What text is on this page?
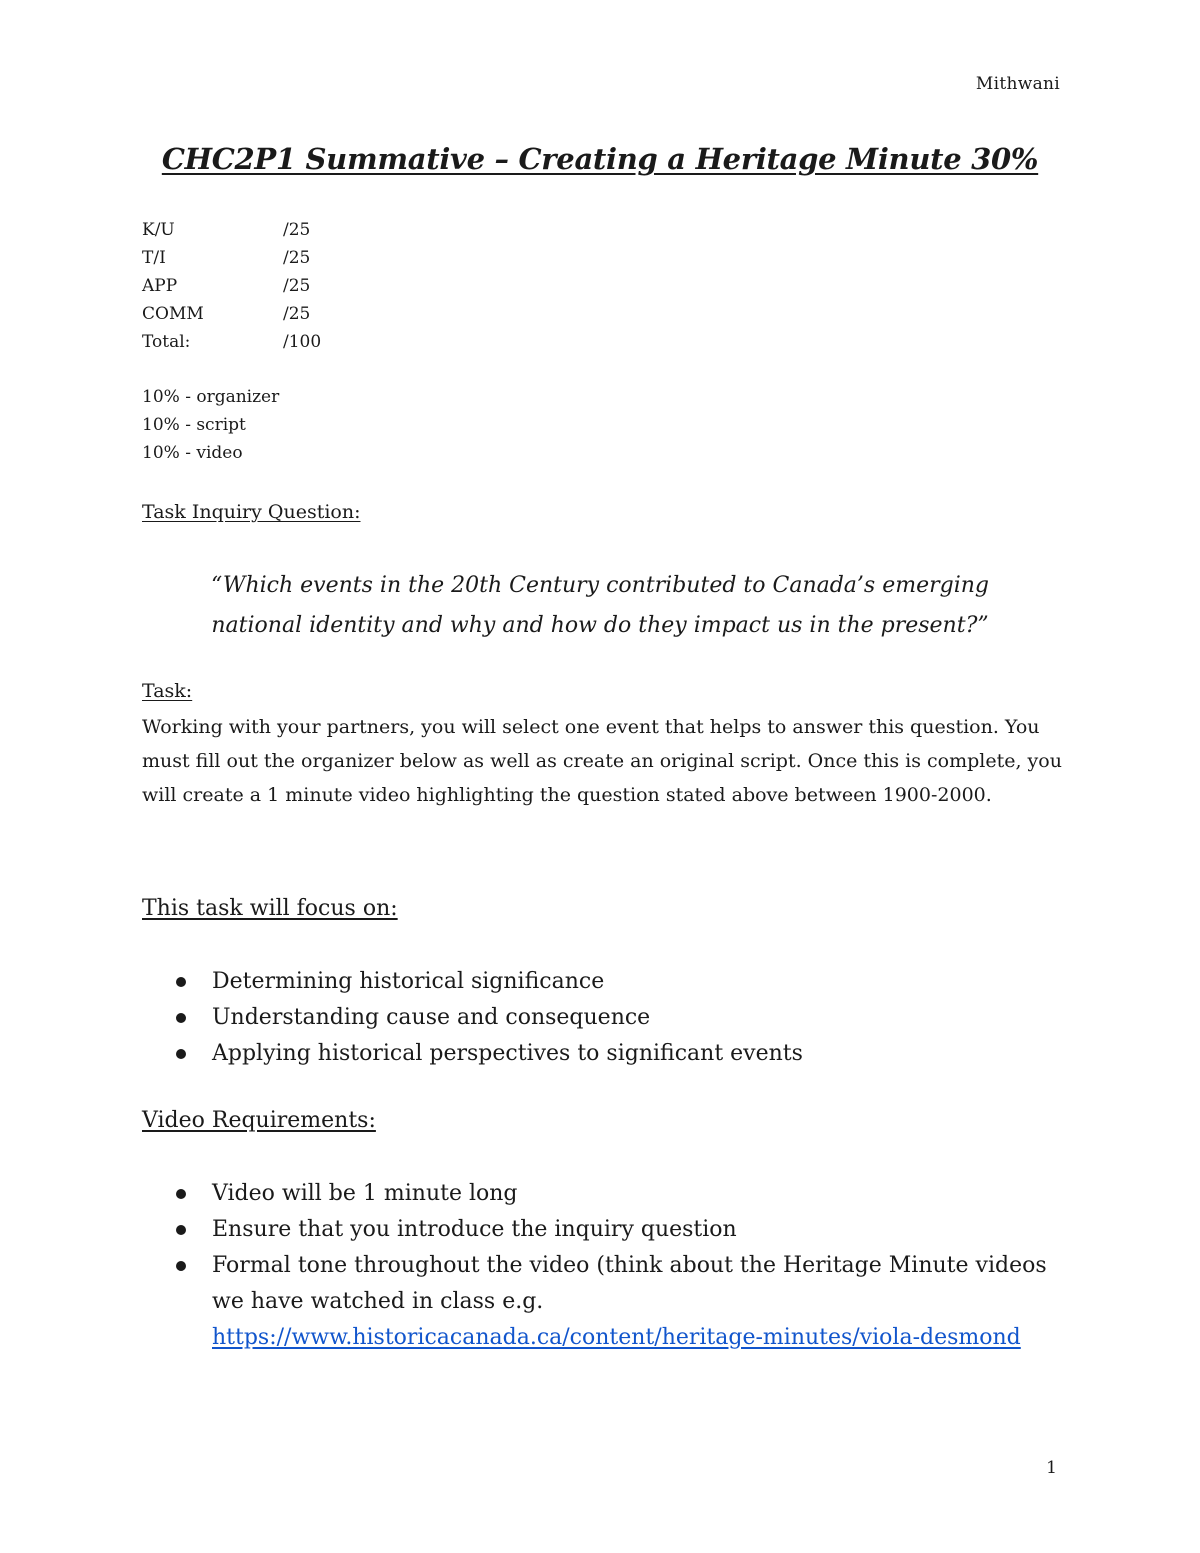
Mithwani
CHC2P1 Summative – Creating a Heritage Minute 30%
K/U	/25
T/I	/25
APP	/25
COMM	/25
Total:	/100
10% - organizer
10% - script
10% - video
Task Inquiry Question:
“Which events in the 20th Century contributed to Canada’s emerging
national identity and why and how do they impact us in the present?”
Task:
Working with your partners, you will select one event that helps to answer this question. You must fill out the organizer below as well as create an original script. Once this is complete, you will create a 1 minute video highlighting the question stated above between 1900-2000.
This task will focus on:
Determining historical significance
Understanding cause and consequence
Applying historical perspectives to significant events
Video Requirements:
Video will be 1 minute long
Ensure that you introduce the inquiry question
Formal tone throughout the video (think about the Heritage Minute videos we have watched in class e.g.
https://www.historicacanada.ca/content/heritage-minutes/viola-desmond
1
